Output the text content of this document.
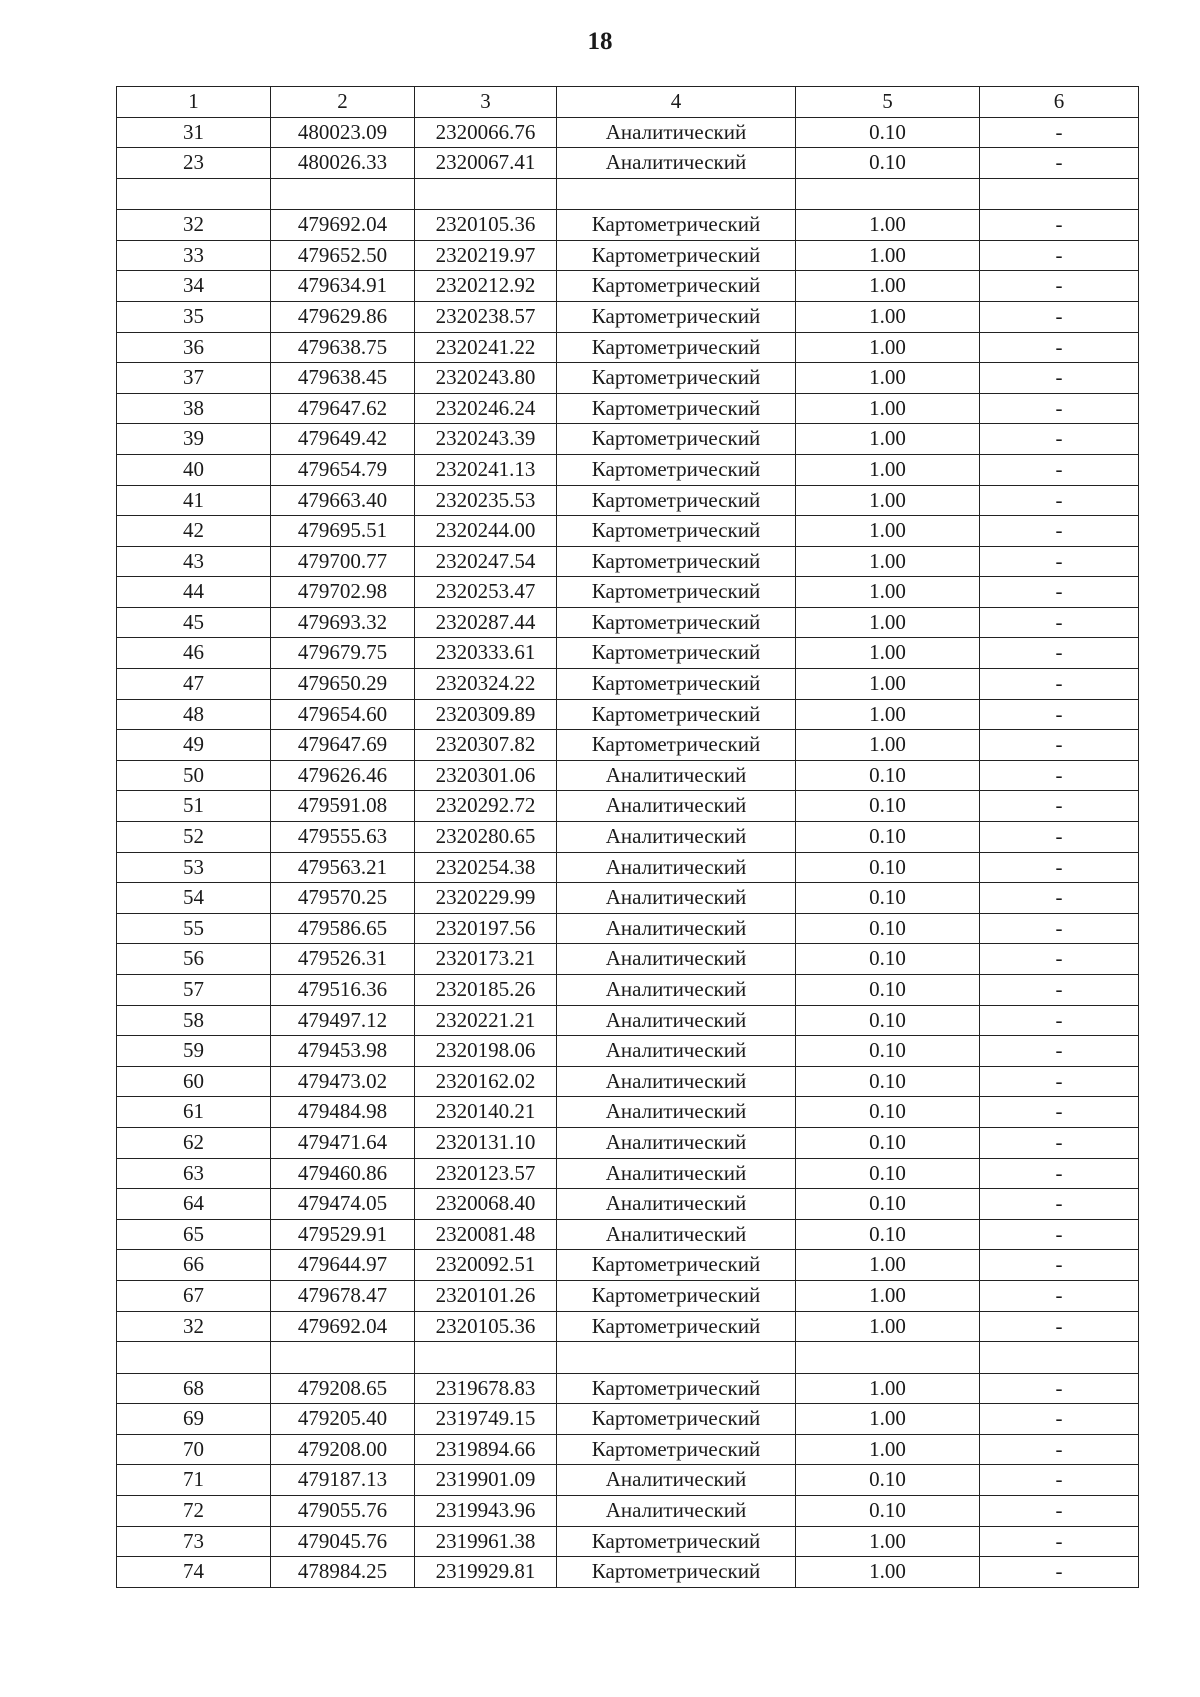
18
1	2	3	4	5	6
31	480023.09	2320066.76	Аналитический	0.10	-
23	480026.33	2320067.41	Аналитический	0.10	-

32	479692.04	2320105.36	Картометрический	1.00	-
33	479652.50	2320219.97	Картометрический	1.00	-
34	479634.91	2320212.92	Картометрический	1.00	-
35	479629.86	2320238.57	Картометрический	1.00	-
36	479638.75	2320241.22	Картометрический	1.00	-
37	479638.45	2320243.80	Картометрический	1.00	-
38	479647.62	2320246.24	Картометрический	1.00	-
39	479649.42	2320243.39	Картометрический	1.00	-
40	479654.79	2320241.13	Картометрический	1.00	-
41	479663.40	2320235.53	Картометрический	1.00	-
42	479695.51	2320244.00	Картометрический	1.00	-
43	479700.77	2320247.54	Картометрический	1.00	-
44	479702.98	2320253.47	Картометрический	1.00	-
45	479693.32	2320287.44	Картометрический	1.00	-
46	479679.75	2320333.61	Картометрический	1.00	-
47	479650.29	2320324.22	Картометрический	1.00	-
48	479654.60	2320309.89	Картометрический	1.00	-
49	479647.69	2320307.82	Картометрический	1.00	-
50	479626.46	2320301.06	Аналитический	0.10	-
51	479591.08	2320292.72	Аналитический	0.10	-
52	479555.63	2320280.65	Аналитический	0.10	-
53	479563.21	2320254.38	Аналитический	0.10	-
54	479570.25	2320229.99	Аналитический	0.10	-
55	479586.65	2320197.56	Аналитический	0.10	-
56	479526.31	2320173.21	Аналитический	0.10	-
57	479516.36	2320185.26	Аналитический	0.10	-
58	479497.12	2320221.21	Аналитический	0.10	-
59	479453.98	2320198.06	Аналитический	0.10	-
60	479473.02	2320162.02	Аналитический	0.10	-
61	479484.98	2320140.21	Аналитический	0.10	-
62	479471.64	2320131.10	Аналитический	0.10	-
63	479460.86	2320123.57	Аналитический	0.10	-
64	479474.05	2320068.40	Аналитический	0.10	-
65	479529.91	2320081.48	Аналитический	0.10	-
66	479644.97	2320092.51	Картометрический	1.00	-
67	479678.47	2320101.26	Картометрический	1.00	-
32	479692.04	2320105.36	Картометрический	1.00	-

68	479208.65	2319678.83	Картометрический	1.00	-
69	479205.40	2319749.15	Картометрический	1.00	-
70	479208.00	2319894.66	Картометрический	1.00	-
71	479187.13	2319901.09	Аналитический	0.10	-
72	479055.76	2319943.96	Аналитический	0.10	-
73	479045.76	2319961.38	Картометрический	1.00	-
74	478984.25	2319929.81	Картометрический	1.00	-
